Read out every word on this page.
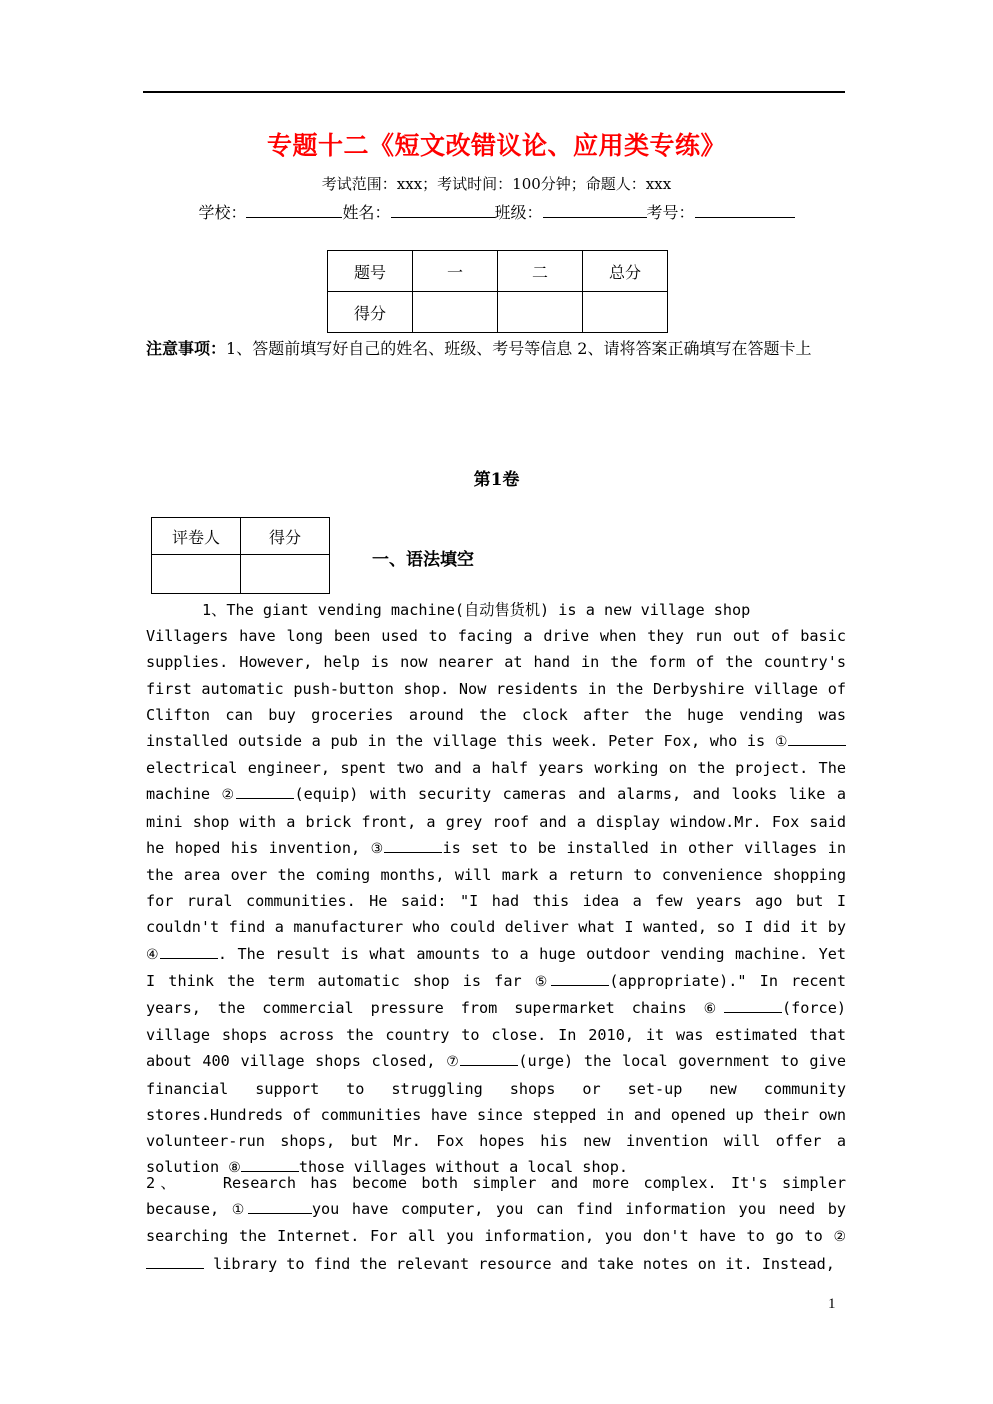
专题十二《短文改错议论、应用类专练》
考试范围：xxx；考试时间：100分钟；命题人：xxx
学校：	姓名：	班级：	考号：
题号	一	二	总分
得分			
注意事项：1、答题前填写好自己的姓名、班级、考号等信息 2、请将答案正确填写在答题卡上
第1卷
评卷人	得分

一、语法填空

1、The giant vending machine(自动售货机) is a new village shop

Villagers have long been used to facing a drive when they run out of basic supplies. However, help is now nearer at hand in the form of the country's first automatic push-button shop. Now residents in the Derbyshire village of Clifton can buy groceries around the clock after the huge vending was installed outside a pub in the village this week. Peter Fox, who is ①electrical engineer, spent two and a half years working on the project. The machine ②	(equip) with security cameras and alarms, and looks like a mini shop with a brick front, a grey roof and a display window.Mr. Fox said he hoped his invention, ③	is set to be installed in other villages in the area over the coming months, will mark a return to convenience shopping for rural communities. He said: "I had this idea a few years ago but I couldn't find a manufacturer who could deliver what I wanted, so I did it by ④	. The result is what amounts to a huge outdoor vending machine. Yet I think the term automatic shop is far ⑤	(appropriate)." In recent years, the commercial pressure from supermarket chains ⑥	(force) village shops across the country to close. In 2010, it was estimated that about 400 village shops closed, ⑦	(urge) the local government to give financial support to struggling shops or set-up new community stores.Hundreds of communities have since stepped in and opened up their own volunteer-run shops, but Mr. Fox hopes his new invention will offer a solution ⑧	those villages without a local shop.

2、	Research has become both simpler and more complex. It's simpler because, ①	you have computer, you can find information you need by searching the Internet. For all you information, you don't have to go to ② library to find the relevant resource and take notes on it. Instead,

1
